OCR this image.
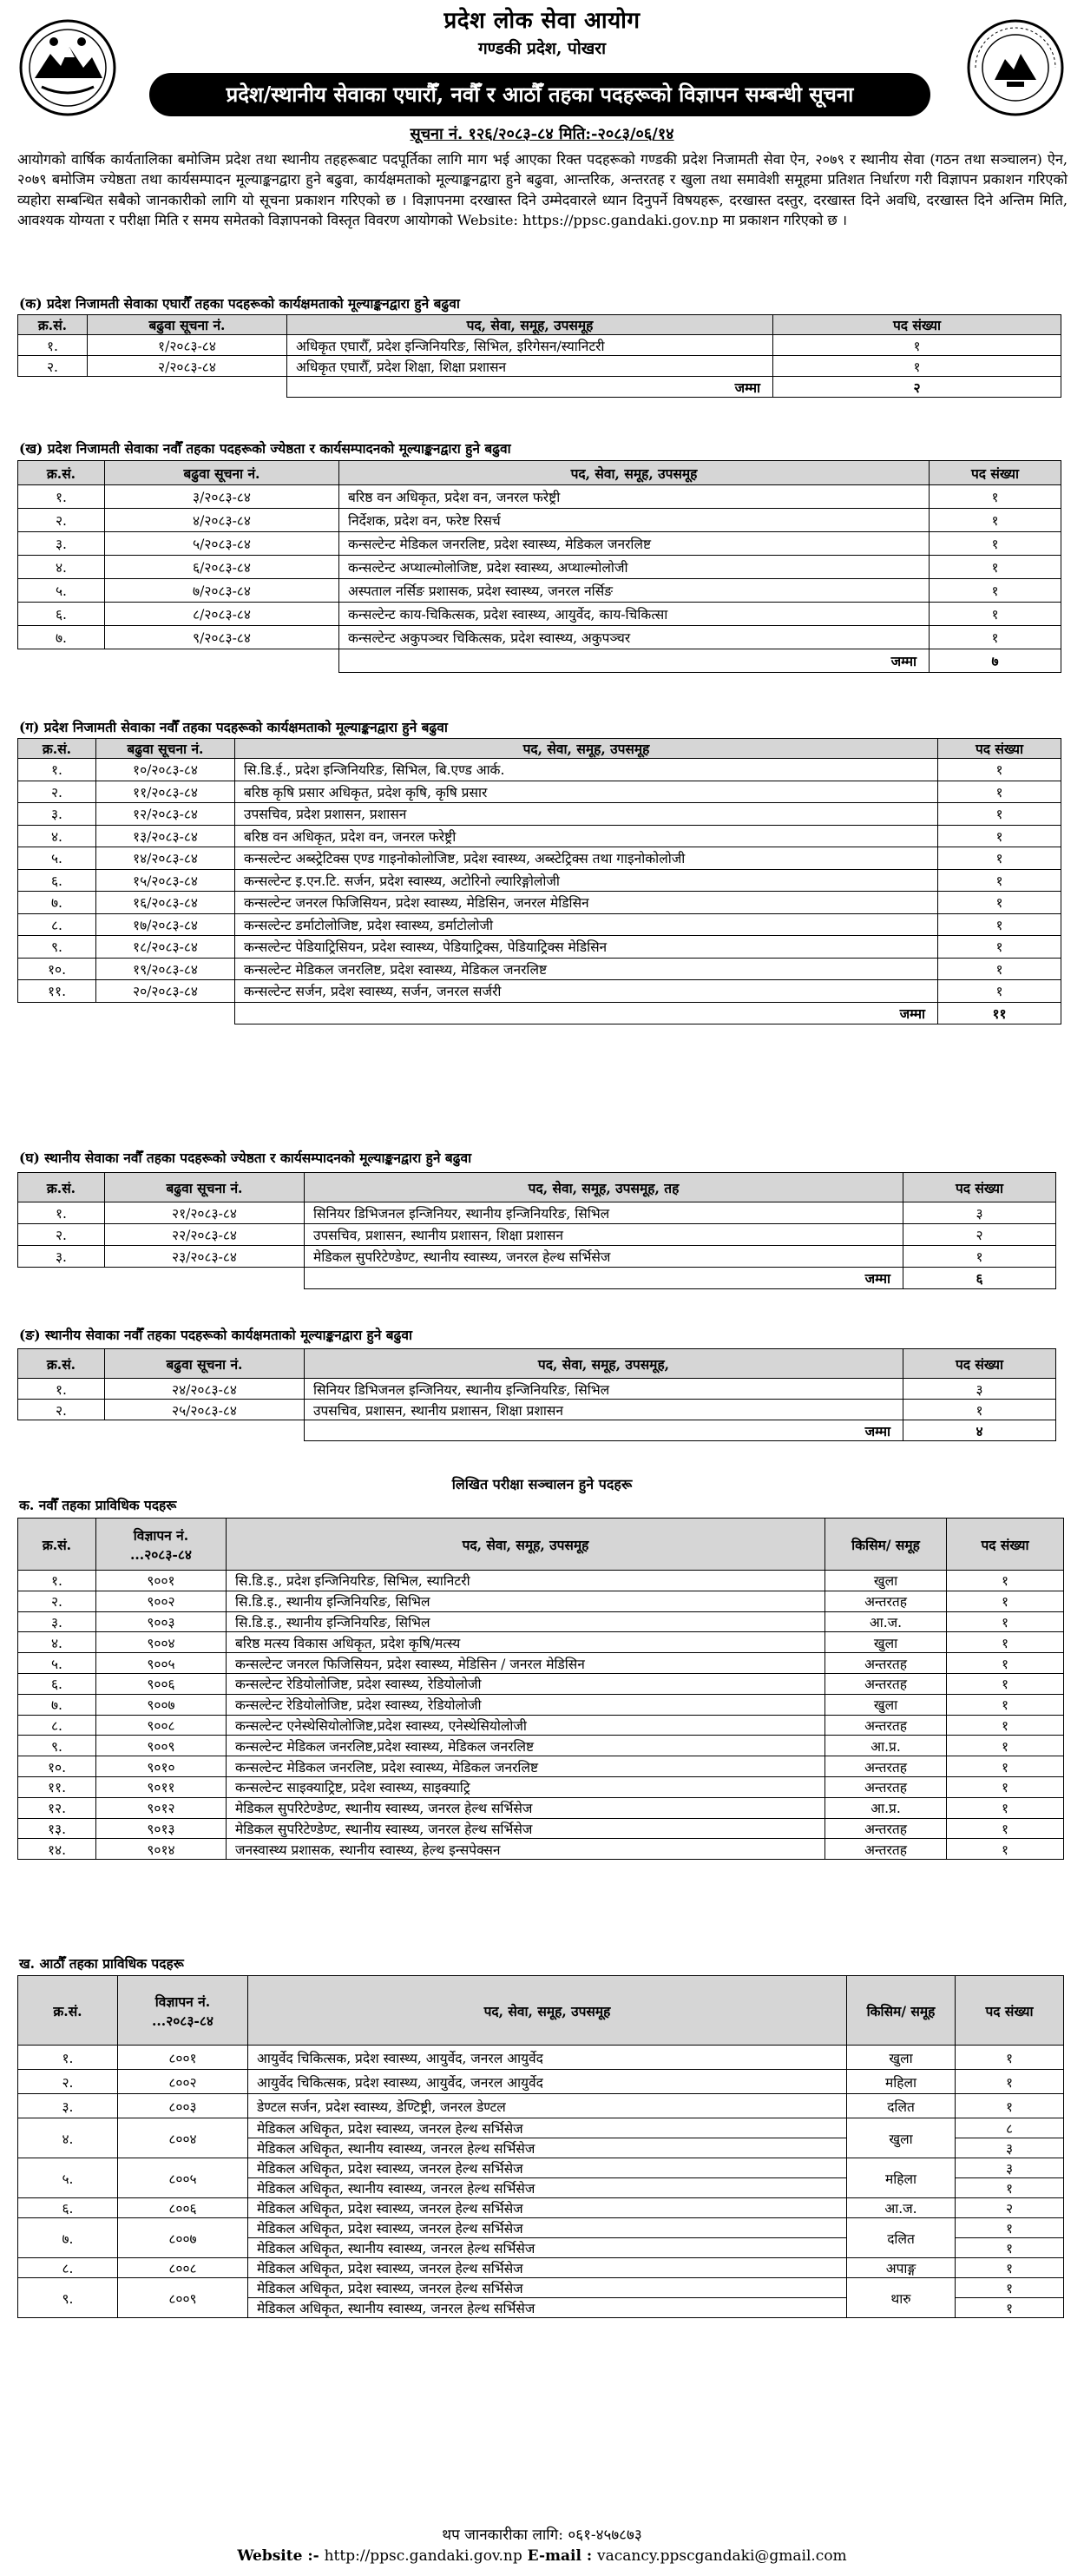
प्रदेश लोक सेवा आयोग
गण्डकी प्रदेश, पोखरा
प्रदेश/स्थानीय सेवाका एघारौँ, नवौँ र आठौँ तहका पदहरूको विज्ञापन सम्बन्धी सूचना
सूचना नं. १२६/२०८३-८४ मिति:-२०८३/०६/१४
आयोगको वार्षिक कार्यतालिका बमोजिम प्रदेश तथा स्थानीय तहहरूबाट पदपूर्तिका लागि माग भई आएका रिक्त पदहरूको गण्डकी प्रदेश निजामती सेवा ऐन, २०७९ र स्थानीय सेवा (गठन तथा सञ्चालन) ऐन, २०७९ बमोजिम ज्येष्ठता तथा कार्यसम्पादन मूल्याङ्कनद्वारा हुने बढुवा, कार्यक्षमताको मूल्याङ्कनद्वारा हुने बढुवा, आन्तरिक, अन्तरतह र खुला तथा समावेशी समूहमा प्रतिशत निर्धारण गरी विज्ञापन प्रकाशन गरिएको व्यहोरा सम्बन्धित सबैको जानकारीको लागि यो सूचना प्रकाशन गरिएको छ । विज्ञापनमा दरखास्त दिने उम्मेदवारले ध्यान दिनुपर्ने विषयहरू, दरखास्त दस्तुर, दरखास्त दिने अवधि, दरखास्त दिने अन्तिम मिति, आवश्यक योग्यता र परीक्षा मिति र समय समेतको विज्ञापनको विस्तृत विवरण आयोगको Website: https://ppsc.gandaki.gov.np मा प्रकाशन गरिएको छ ।
(क) प्रदेश निजामती सेवाका एघारौँ तहका पदहरूको कार्यक्षमताको मूल्याङ्कनद्वारा हुने बढुवा
क्र.सं.	बढुवा सूचना नं.	पद, सेवा, समूह, उपसमूह	पद संख्या
१.	१/२०८३-८४	अधिकृत एघारौँ, प्रदेश इन्जिनियरिङ, सिभिल, इरिगेसन/स्यानिटरी	१
२.	२/२०८३-८४	अधिकृत एघारौँ, प्रदेश शिक्षा, शिक्षा प्रशासन	१
		जम्मा	२
(ख) प्रदेश निजामती सेवाका नवौँ तहका पदहरूको ज्येष्ठता र कार्यसम्पादनको मूल्याङ्कनद्वारा हुने बढुवा
क्र.सं.	बढुवा सूचना नं.	पद, सेवा, समूह, उपसमूह	पद संख्या
१.	३/२०८३-८४	बरिष्ठ वन अधिकृत, प्रदेश वन, जनरल फरेष्ट्री	१
२.	४/२०८३-८४	निर्देशक, प्रदेश वन, फरेष्ट रिसर्च	१
३.	५/२०८३-८४	कन्सल्टेन्ट मेडिकल जनरलिष्ट, प्रदेश स्वास्थ्य, मेडिकल जनरलिष्ट	१
४.	६/२०८३-८४	कन्सल्टेन्ट अप्थाल्मोलोजिष्ट, प्रदेश स्वास्थ्य, अप्थाल्मोलोजी	१
५.	७/२०८३-८४	अस्पताल नर्सिङ प्रशासक, प्रदेश स्वास्थ्य, जनरल नर्सिङ	१
६.	८/२०८३-८४	कन्सल्टेन्ट काय-चिकित्सक, प्रदेश स्वास्थ्य, आयुर्वेद, काय-चिकित्सा	१
७.	९/२०८३-८४	कन्सल्टेन्ट अकुपञ्चर चिकित्सक, प्रदेश स्वास्थ्य, अकुपञ्चर	१
		जम्मा	७
(ग) प्रदेश निजामती सेवाका नवौँ तहका पदहरूको कार्यक्षमताको मूल्याङ्कनद्वारा हुने बढुवा
क्र.सं.	बढुवा सूचना नं.	पद, सेवा, समूह, उपसमूह	पद संख्या
१.	१०/२०८३-८४	सि.डि.ई., प्रदेश इन्जिनियरिङ, सिभिल, बि.एण्ड आर्क.	१
२.	११/२०८३-८४	बरिष्ठ कृषि प्रसार अधिकृत, प्रदेश कृषि, कृषि प्रसार	१
३.	१२/२०८३-८४	उपसचिव, प्रदेश प्रशासन, प्रशासन	१
४.	१३/२०८३-८४	बरिष्ठ वन अधिकृत, प्रदेश वन, जनरल फरेष्ट्री	१
५.	१४/२०८३-८४	कन्सल्टेन्ट अब्स्ट्रेटिक्स एण्ड गाइनोकोलोजिष्ट, प्रदेश स्वास्थ्य, अब्स्टेट्रिक्स तथा गाइनोकोलोजी	१
६.	१५/२०८३-८४	कन्सल्टेन्ट इ.एन.टि. सर्जन, प्रदेश स्वास्थ्य, अटोरिनो ल्यारिङ्गोलोजी	१
७.	१६/२०८३-८४	कन्सल्टेन्ट जनरल फिजिसियन, प्रदेश स्वास्थ्य, मेडिसिन, जनरल मेडिसिन	१
८.	१७/२०८३-८४	कन्सल्टेन्ट डर्माटोलोजिष्ट, प्रदेश स्वास्थ्य, डर्माटोलोजी	१
९.	१८/२०८३-८४	कन्सल्टेन्ट पेडियाट्रिसियन, प्रदेश स्वास्थ्य, पेडियाट्रिक्स, पेडियाट्रिक्स मेडिसिन	१
१०.	१९/२०८३-८४	कन्सल्टेन्ट मेडिकल जनरलिष्ट, प्रदेश स्वास्थ्य, मेडिकल जनरलिष्ट	१
११.	२०/२०८३-८४	कन्सल्टेन्ट सर्जन, प्रदेश स्वास्थ्य, सर्जन, जनरल सर्जरी	१
		जम्मा	११
(घ) स्थानीय सेवाका नवौँ तहका पदहरूको ज्येष्ठता र कार्यसम्पादनको मूल्याङ्कनद्वारा हुने बढुवा
क्र.सं.	बढुवा सूचना नं.	पद, सेवा, समूह, उपसमूह, तह	पद संख्या
१.	२१/२०८३-८४	सिनियर डिभिजनल इन्जिनियर, स्थानीय इन्जिनियरिङ, सिभिल	३
२.	२२/२०८३-८४	उपसचिव, प्रशासन, स्थानीय प्रशासन, शिक्षा प्रशासन	२
३.	२३/२०८३-८४	मेडिकल सुपरिटेण्डेण्ट, स्थानीय स्वास्थ्य, जनरल हेल्थ सर्भिसेज	१
		जम्मा	६
(ङ) स्थानीय सेवाका नवौँ तहका पदहरूको कार्यक्षमताको मूल्याङ्कनद्वारा हुने बढुवा
क्र.सं.	बढुवा सूचना नं.	पद, सेवा, समूह, उपसमूह,	पद संख्या
१.	२४/२०८३-८४	सिनियर डिभिजनल इन्जिनियर, स्थानीय इन्जिनियरिङ, सिभिल	३
२.	२५/२०८३-८४	उपसचिव, प्रशासन, स्थानीय प्रशासन, शिक्षा प्रशासन	१
		जम्मा	४
लिखित परीक्षा सञ्चालन हुने पदहरू
क. नवौँ तहका प्राविधिक पदहरू
क्र.सं.	विज्ञापन नं.
...२०८३-८४	पद, सेवा, समूह, उपसमूह	किसिम/ समूह	पद संख्या
१.	९००१	सि.डि.इ., प्रदेश इन्जिनियरिङ, सिभिल, स्यानिटरी	खुला	१
२.	९००२	सि.डि.इ., स्थानीय इन्जिनियरिङ, सिभिल	अन्तरतह	१
३.	९००३	सि.डि.इ., स्थानीय इन्जिनियरिङ, सिभिल	आ.ज.	१
४.	९००४	बरिष्ठ मत्स्य विकास अधिकृत, प्रदेश कृषि/मत्स्य	खुला	१
५.	९००५	कन्सल्टेन्ट जनरल फिजिसियन, प्रदेश स्वास्थ्य, मेडिसिन / जनरल मेडिसिन	अन्तरतह	१
६.	९००६	कन्सल्टेन्ट रेडियोलोजिष्ट, प्रदेश स्वास्थ्य, रेडियोलोजी	अन्तरतह	१
७.	९००७	कन्सल्टेन्ट रेडियोलोजिष्ट, प्रदेश स्वास्थ्य, रेडियोलोजी	खुला	१
८.	९००८	कन्सल्टेन्ट एनेस्थेसियोलोजिष्ट,प्रदेश स्वास्थ्य, एनेस्थेसियोलोजी	अन्तरतह	१
९.	९००९	कन्सल्टेन्ट मेडिकल जनरलिष्ट,प्रदेश स्वास्थ्य, मेडिकल जनरलिष्ट	आ.प्र.	१
१०.	९०१०	कन्सल्टेन्ट मेडिकल जनरलिष्ट, प्रदेश स्वास्थ्य, मेडिकल जनरलिष्ट	अन्तरतह	१
११.	९०११	कन्सल्टेन्ट साइक्याट्रिष्ट, प्रदेश स्वास्थ्य, साइक्याट्रि	अन्तरतह	१
१२.	९०१२	मेडिकल सुपरिटेण्डेण्ट, स्थानीय स्वास्थ्य, जनरल हेल्थ सर्भिसेज	आ.प्र.	१
१३.	९०१३	मेडिकल सुपरिटेण्डेण्ट, स्थानीय स्वास्थ्य, जनरल हेल्थ सर्भिसेज	अन्तरतह	१
१४.	९०१४	जनस्वास्थ्य प्रशासक, स्थानीय स्वास्थ्य, हेल्थ इन्सपेक्सन	अन्तरतह	१
ख. आठौँ तहका प्राविधिक पदहरू
क्र.सं.	विज्ञापन नं.
...२०८३-८४	पद, सेवा, समूह, उपसमूह	किसिम/ समूह	पद संख्या
१.	८००१	आयुर्वेद चिकित्सक, प्रदेश स्वास्थ्य, आयुर्वेद, जनरल आयुर्वेद	खुला	१
२.	८००२	आयुर्वेद चिकित्सक, प्रदेश स्वास्थ्य, आयुर्वेद, जनरल आयुर्वेद	महिला	१
३.	८००३	डेण्टल सर्जन, प्रदेश स्वास्थ्य, डेण्टिष्ट्री, जनरल डेण्टल	दलित	१
४.	८००४	मेडिकल अधिकृत, प्रदेश स्वास्थ्य, जनरल हेल्थ सर्भिसेज	खुला	८
		मेडिकल अधिकृत, स्थानीय स्वास्थ्य, जनरल हेल्थ सर्भिसेज		३
५.	८००५	मेडिकल अधिकृत, प्रदेश स्वास्थ्य, जनरल हेल्थ सर्भिसेज	महिला	३
		मेडिकल अधिकृत, स्थानीय स्वास्थ्य, जनरल हेल्थ सर्भिसेज		१
६.	८००६	मेडिकल अधिकृत, प्रदेश स्वास्थ्य, जनरल हेल्थ सर्भिसेज	आ.ज.	२
७.	८००७	मेडिकल अधिकृत, प्रदेश स्वास्थ्य, जनरल हेल्थ सर्भिसेज	दलित	१
		मेडिकल अधिकृत, स्थानीय स्वास्थ्य, जनरल हेल्थ सर्भिसेज		१
८.	८००८	मेडिकल अधिकृत, प्रदेश स्वास्थ्य, जनरल हेल्थ सर्भिसेज	अपाङ्ग	१
९.	८००९	मेडिकल अधिकृत, प्रदेश स्वास्थ्य, जनरल हेल्थ सर्भिसेज	थारु	१
		मेडिकल अधिकृत, स्थानीय स्वास्थ्य, जनरल हेल्थ सर्भिसेज		१
थप जानकारीका लागि: ०६१-४५७८७३
Website :- http://ppsc.gandaki.gov.np E-mail : vacancy.ppscgandaki@gmail.com
